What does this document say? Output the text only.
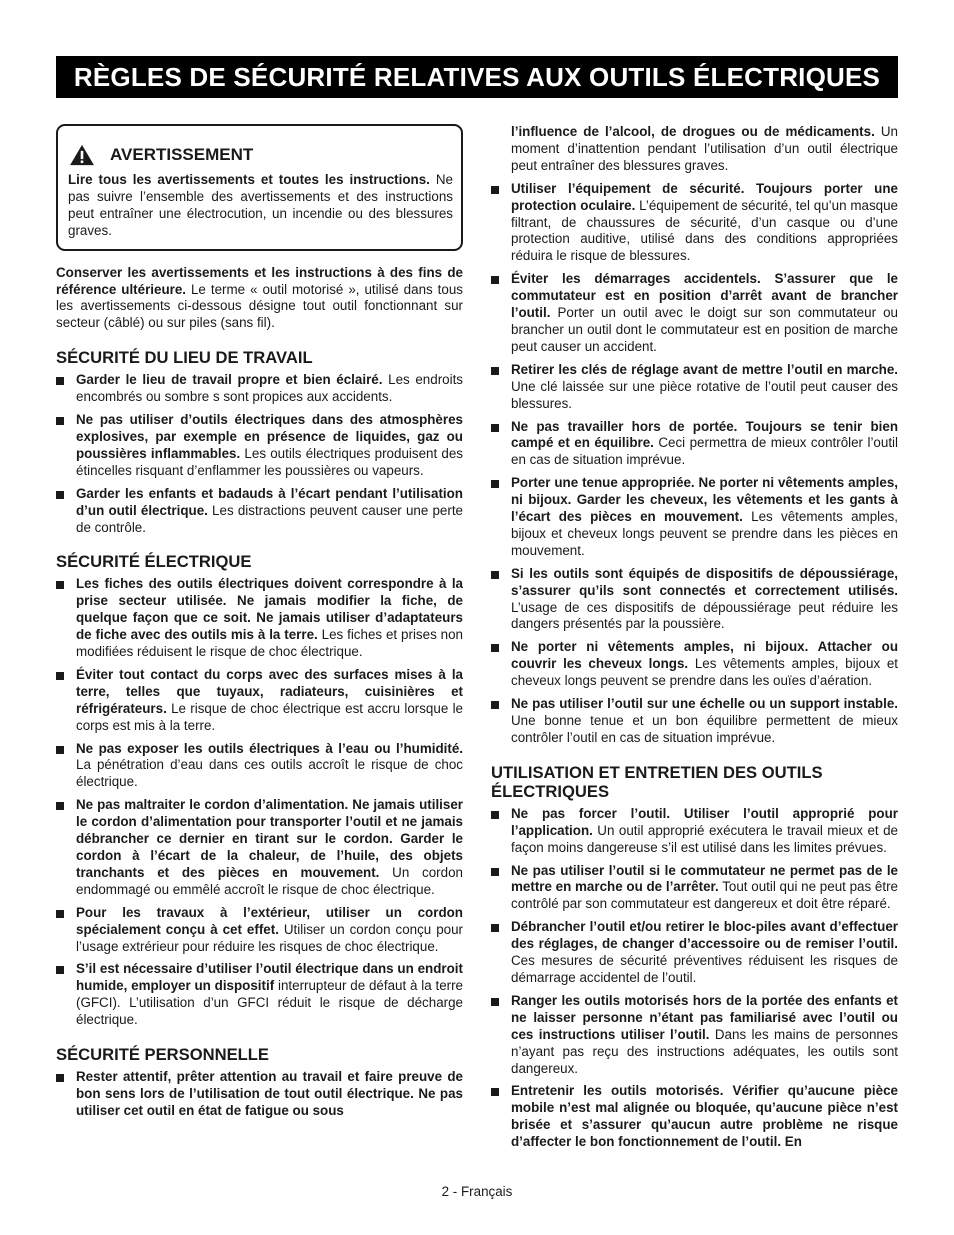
RÈGLES DE SÉCURITÉ RELATIVES AUX OUTILS ÉLECTRIQUES
AVERTISSEMENT

Lire tous les avertissements et toutes les instructions. Ne pas suivre l’ensemble des avertissements et des instructions peut entraîner une électrocution, un incendie ou des blessures graves.

Conserver les avertissements et les instructions à des fins de référence ultérieure. Le terme « outil motorisé », utilisé dans tous les avertissements ci-dessous désigne tout outil fonctionnant sur secteur (câblé) ou sur piles (sans fil).

SÉCURITÉ DU LIEU DE TRAVAIL
Garder le lieu de travail propre et bien éclairé. Les endroits encombrés ou sombre s sont propices aux accidents.
Ne pas utiliser d’outils électriques dans des atmosphères explosives, par exemple en présence de liquides, gaz ou poussières inflammables. Les outils électriques produisent des étincelles risquant d’enflammer les poussières ou vapeurs.
Garder les enfants et badauds à l’écart pendant l’utilisation d’un outil électrique. Les distractions peuvent causer une perte de contrôle.
SÉCURITÉ ÉLECTRIQUE
Les fiches des outils électriques doivent correspondre à la prise secteur utilisée. Ne jamais modifier la fiche, de quelque façon que ce soit. Ne jamais utiliser d’adaptateurs de fiche avec des outils mis à la terre. Les fiches et prises non modifiées réduisent le risque de choc électrique.
Éviter tout contact du corps avec des surfaces mises à la terre, telles que tuyaux, radiateurs, cuisinières et réfrigérateurs. Le risque de choc électrique est accru lorsque le corps est mis à la terre.
Ne pas exposer les outils électriques à l’eau ou l’humidité. La pénétration d’eau dans ces outils accroît le risque de choc électrique.
Ne pas maltraiter le cordon d’alimentation. Ne jamais utiliser le cordon d’alimentation pour transporter l’outil et ne jamais débrancher ce dernier en tirant sur le cordon. Garder le cordon à l’écart de la chaleur, de l’huile, des objets tranchants et des pièces en mouvement. Un cordon endommagé ou emmêlé accroît le risque de choc électrique.
Pour les travaux à l’extérieur, utiliser un cordon spécialement conçu à cet effet. Utiliser un cordon conçu pour l’usage extrérieur pour réduire les risques de choc électrique.
S’il est nécessaire d’utiliser l’outil électrique dans un endroit humide, employer un dispositif interrupteur de défaut à la terre (GFCI). L’utilisation d’un GFCI réduit le risque de décharge électrique.
SÉCURITÉ PERSONNELLE
Rester attentif, prêter attention au travail et faire preuve de bon sens lors de l’utilisation de tout outil électrique. Ne pas utiliser cet outil en état de fatigue ou sous

l’influence de l’alcool, de drogues ou de médicaments. Un moment d’inattention pendant l’utilisation d’un outil électrique peut entraîner des blessures graves.

Utiliser l’équipement de sécurité. Toujours porter une protection oculaire. L’équipement de sécurité, tel qu’un masque filtrant, de chaussures de sécurité, d’un casque ou d’une protection auditive, utilisé dans des conditions appropriées réduira le risque de blessures.
Éviter les démarrages accidentels. S’assurer que le commutateur est en position d’arrêt avant de brancher l’outil. Porter un outil avec le doigt sur son commutateur ou brancher un outil dont le commutateur est en position de marche peut causer un accident.
Retirer les clés de réglage avant de mettre l’outil en marche. Une clé laissée sur une pièce rotative de l’outil peut causer des blessures.
Ne pas travailler hors de portée. Toujours se tenir bien campé et en équilibre. Ceci permettra de mieux contrôler l’outil en cas de situation imprévue.
Porter une tenue appropriée. Ne porter ni vêtements amples, ni bijoux. Garder les cheveux, les vêtements et les gants à l’écart des pièces en mouvement. Les vêtements amples, bijoux et cheveux longs peuvent se prendre dans les pièces en mouvement.
Si les outils sont équipés de dispositifs de dépoussiérage, s’assurer qu’ils sont connectés et correctement utilisés. L’usage de ces dispositifs de dépoussiérage peut réduire les dangers présentés par la poussière.
Ne porter ni vêtements amples, ni bijoux. Attacher ou couvrir les cheveux longs. Les vêtements amples, bijoux et cheveux longs peuvent se prendre dans les ouïes d’aération.
Ne pas utiliser l’outil sur une échelle ou un support instable. Une bonne tenue et un bon équilibre permettent de mieux contrôler l’outil en cas de situation imprévue.
UTILISATION ET ENTRETIEN DES OUTILS ÉLECTRIQUES
Ne pas forcer l’outil. Utiliser l’outil approprié pour l’application. Un outil approprié exécutera le travail mieux et de façon moins dangereuse s’il est utilisé dans les limites prévues.
Ne pas utiliser l’outil si le commutateur ne permet pas de le mettre en marche ou de l’arrêter. Tout outil qui ne peut pas être contrôlé par son commutateur est dangereux et doit être réparé.
Débrancher l’outil et/ou retirer le bloc-piles avant d’effectuer des réglages, de changer d’accessoire ou de remiser l’outil. Ces mesures de sécurité préventives réduisent les risques de démarrage accidentel de l’outil.
Ranger les outils motorisés hors de la portée des enfants et ne laisser personne n’étant pas familiarisé avec l’outil ou ces instructions utiliser l’outil. Dans les mains de personnes n’ayant pas reçu des instructions adéquates, les outils sont dangereux.
Entretenir les outils motorisés. Vérifier qu’aucune pièce mobile n’est mal alignée ou bloquée, qu’aucune pièce n’est brisée et s’assurer qu’aucun autre problème ne risque d’affecter le bon fonctionnement de l’outil. En
2 - Français
